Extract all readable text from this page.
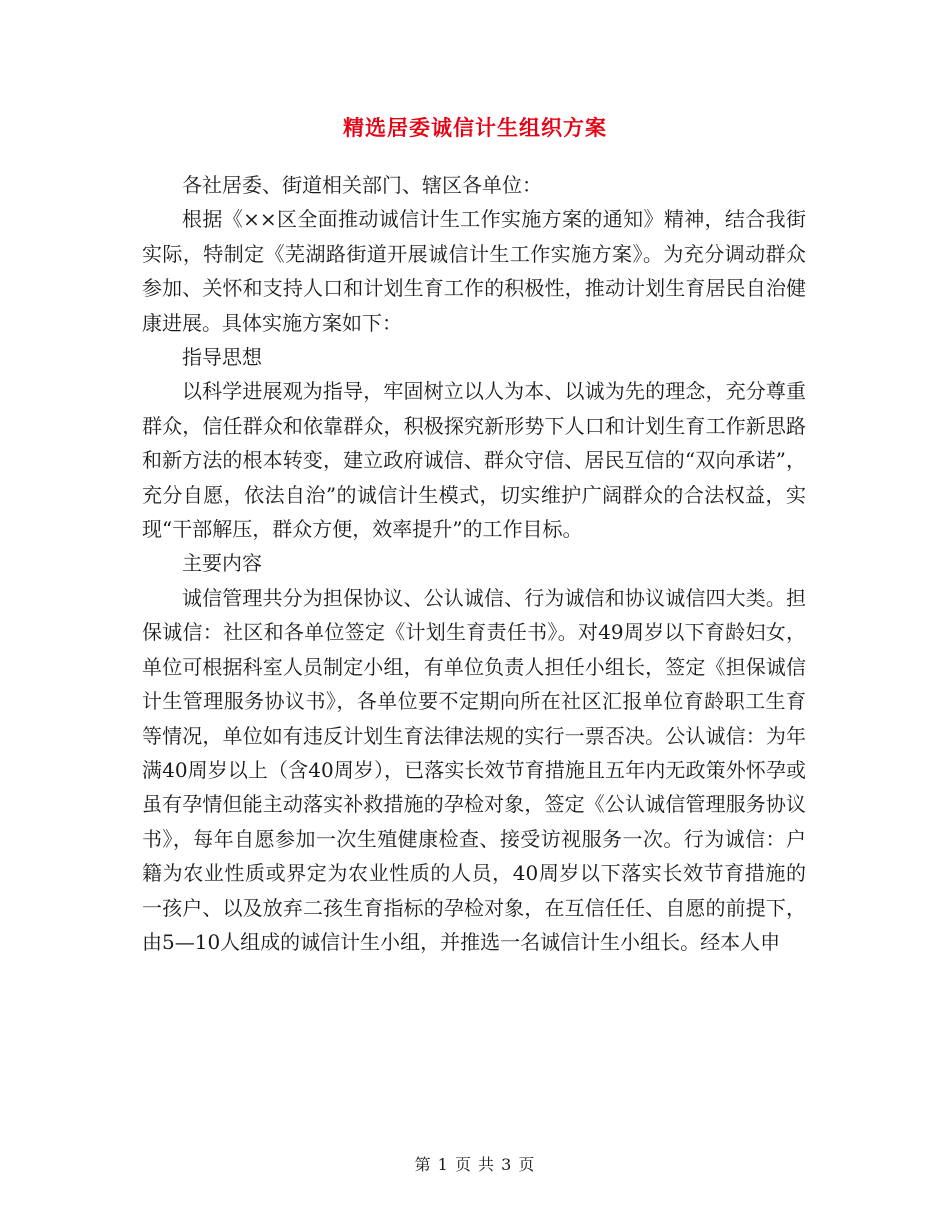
精选居委诚信计生组织方案

各社居委、街道相关部门、辖区各单位：

根据《××区全面推动诚信计生工作实施方案的通知》精神，结合我街实际，特制定《芜湖路街道开展诚信计生工作实施方案》。为充分调动群众参加、关怀和支持人口和计划生育工作的积极性，推动计划生育居民自治健康进展。具体实施方案如下：

指导思想

以科学进展观为指导，牢固树立以人为本、以诚为先的理念，充分尊重群众，信任群众和依靠群众，积极探究新形势下人口和计划生育工作新思路和新方法的根本转变，建立政府诚信、群众守信、居民互信的“双向承诺”，充分自愿，依法自治”的诚信计生模式，切实维护广阔群众的合法权益，实现“干部解压，群众方便，效率提升”的工作目标。

主要内容

诚信管理共分为担保协议、公认诚信、行为诚信和协议诚信四大类。担保诚信：社区和各单位签定《计划生育责任书》。对49周岁以下育龄妇女，单位可根据科室人员制定小组，有单位负责人担任小组长，签定《担保诚信计生管理服务协议书》，各单位要不定期向所在社区汇报单位育龄职工生育等情况，单位如有违反计划生育法律法规的实行一票否决。公认诚信：为年满40周岁以上（含40周岁），已落实长效节育措施且五年内无政策外怀孕或虽有孕情但能主动落实补救措施的孕检对象，签定《公认诚信管理服务协议书》，每年自愿参加一次生殖健康检查、接受访视服务一次。行为诚信：户籍为农业性质或界定为农业性质的人员，40周岁以下落实长效节育措施的一孩户、以及放弃二孩生育指标的孕检对象，在互信任任、自愿的前提下，由5—10人组成的诚信计生小组，并推选一名诚信计生小组长。经本人申

第 1 页 共 3 页
